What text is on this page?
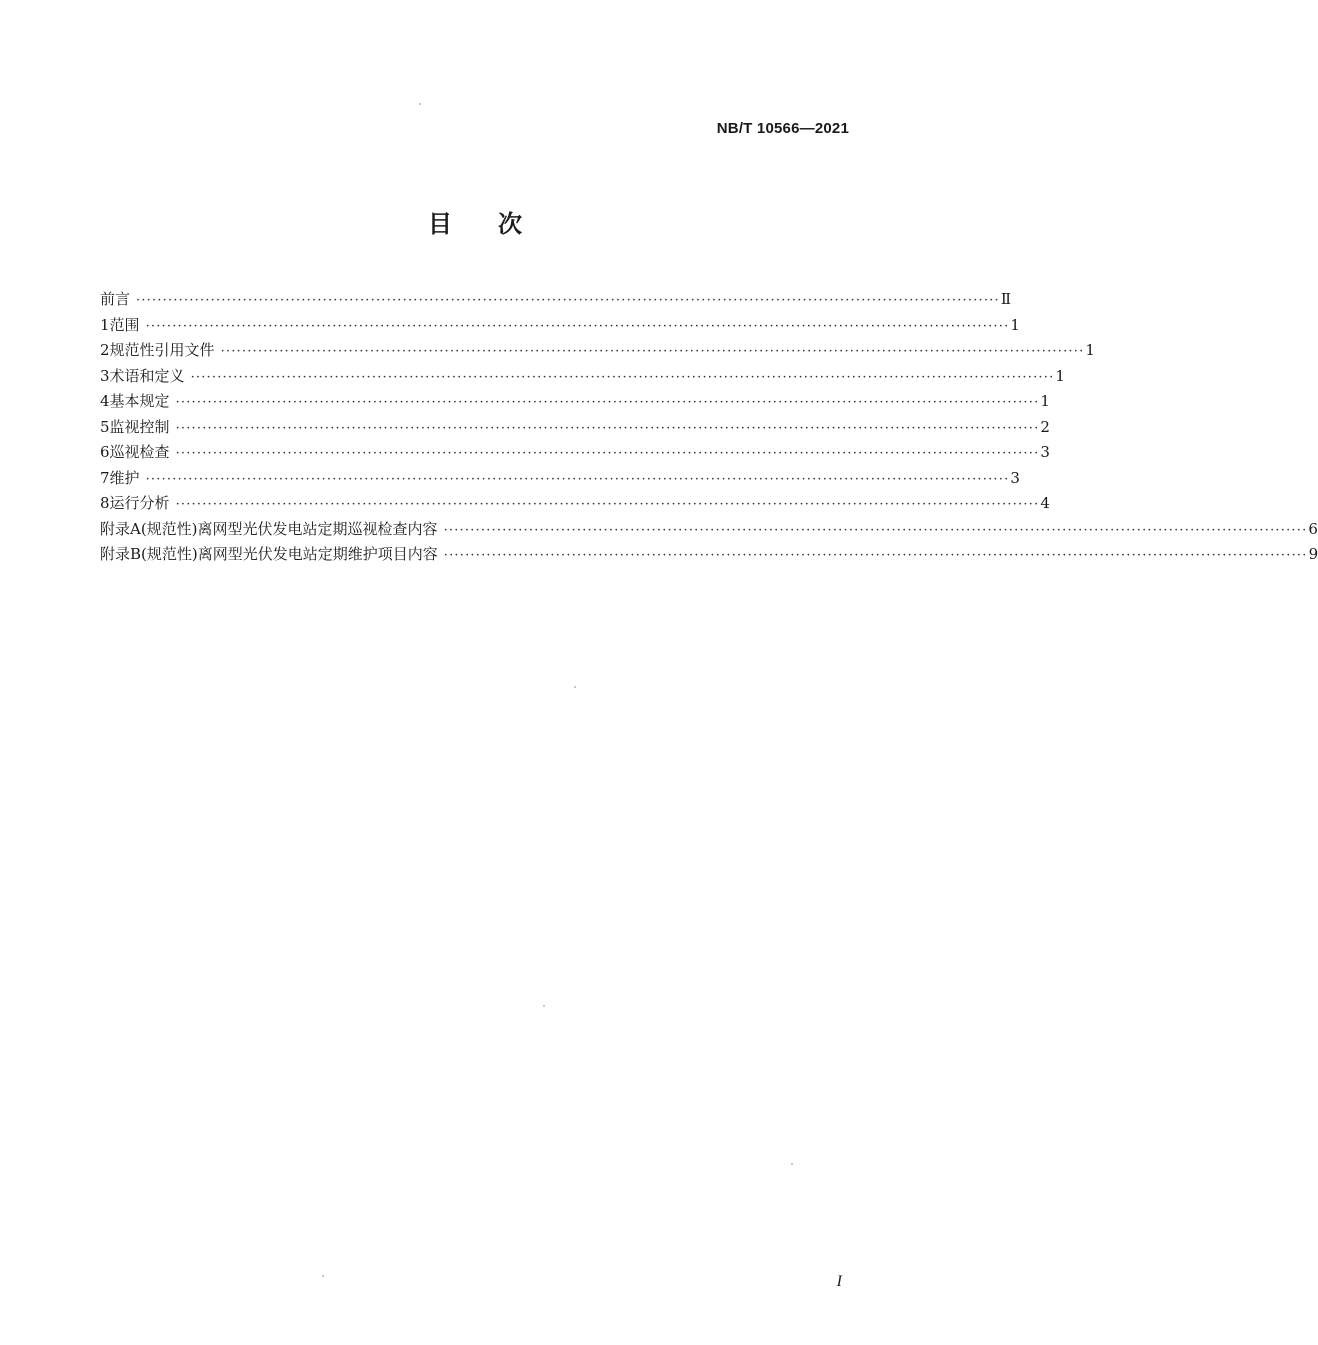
NB/T 10566—2021
目次
前言 ·································································································································································· Ⅱ
1 范围 ·································································································································································· 1
2 规范性引用文件 ·································································································································································· 1
3 术语和定义 ·································································································································································· 1
4 基本规定 ·································································································································································· 1
5 监视控制 ·································································································································································· 2
6 巡视检查 ·································································································································································· 3
7 维护 ·································································································································································· 3
8 运行分析 ·································································································································································· 4
附录A(规范性) 离网型光伏发电站定期巡视检查内容 ·································································································································································· 6
附录B(规范性) 离网型光伏发电站定期维护项目内容 ·································································································································································· 9
I
